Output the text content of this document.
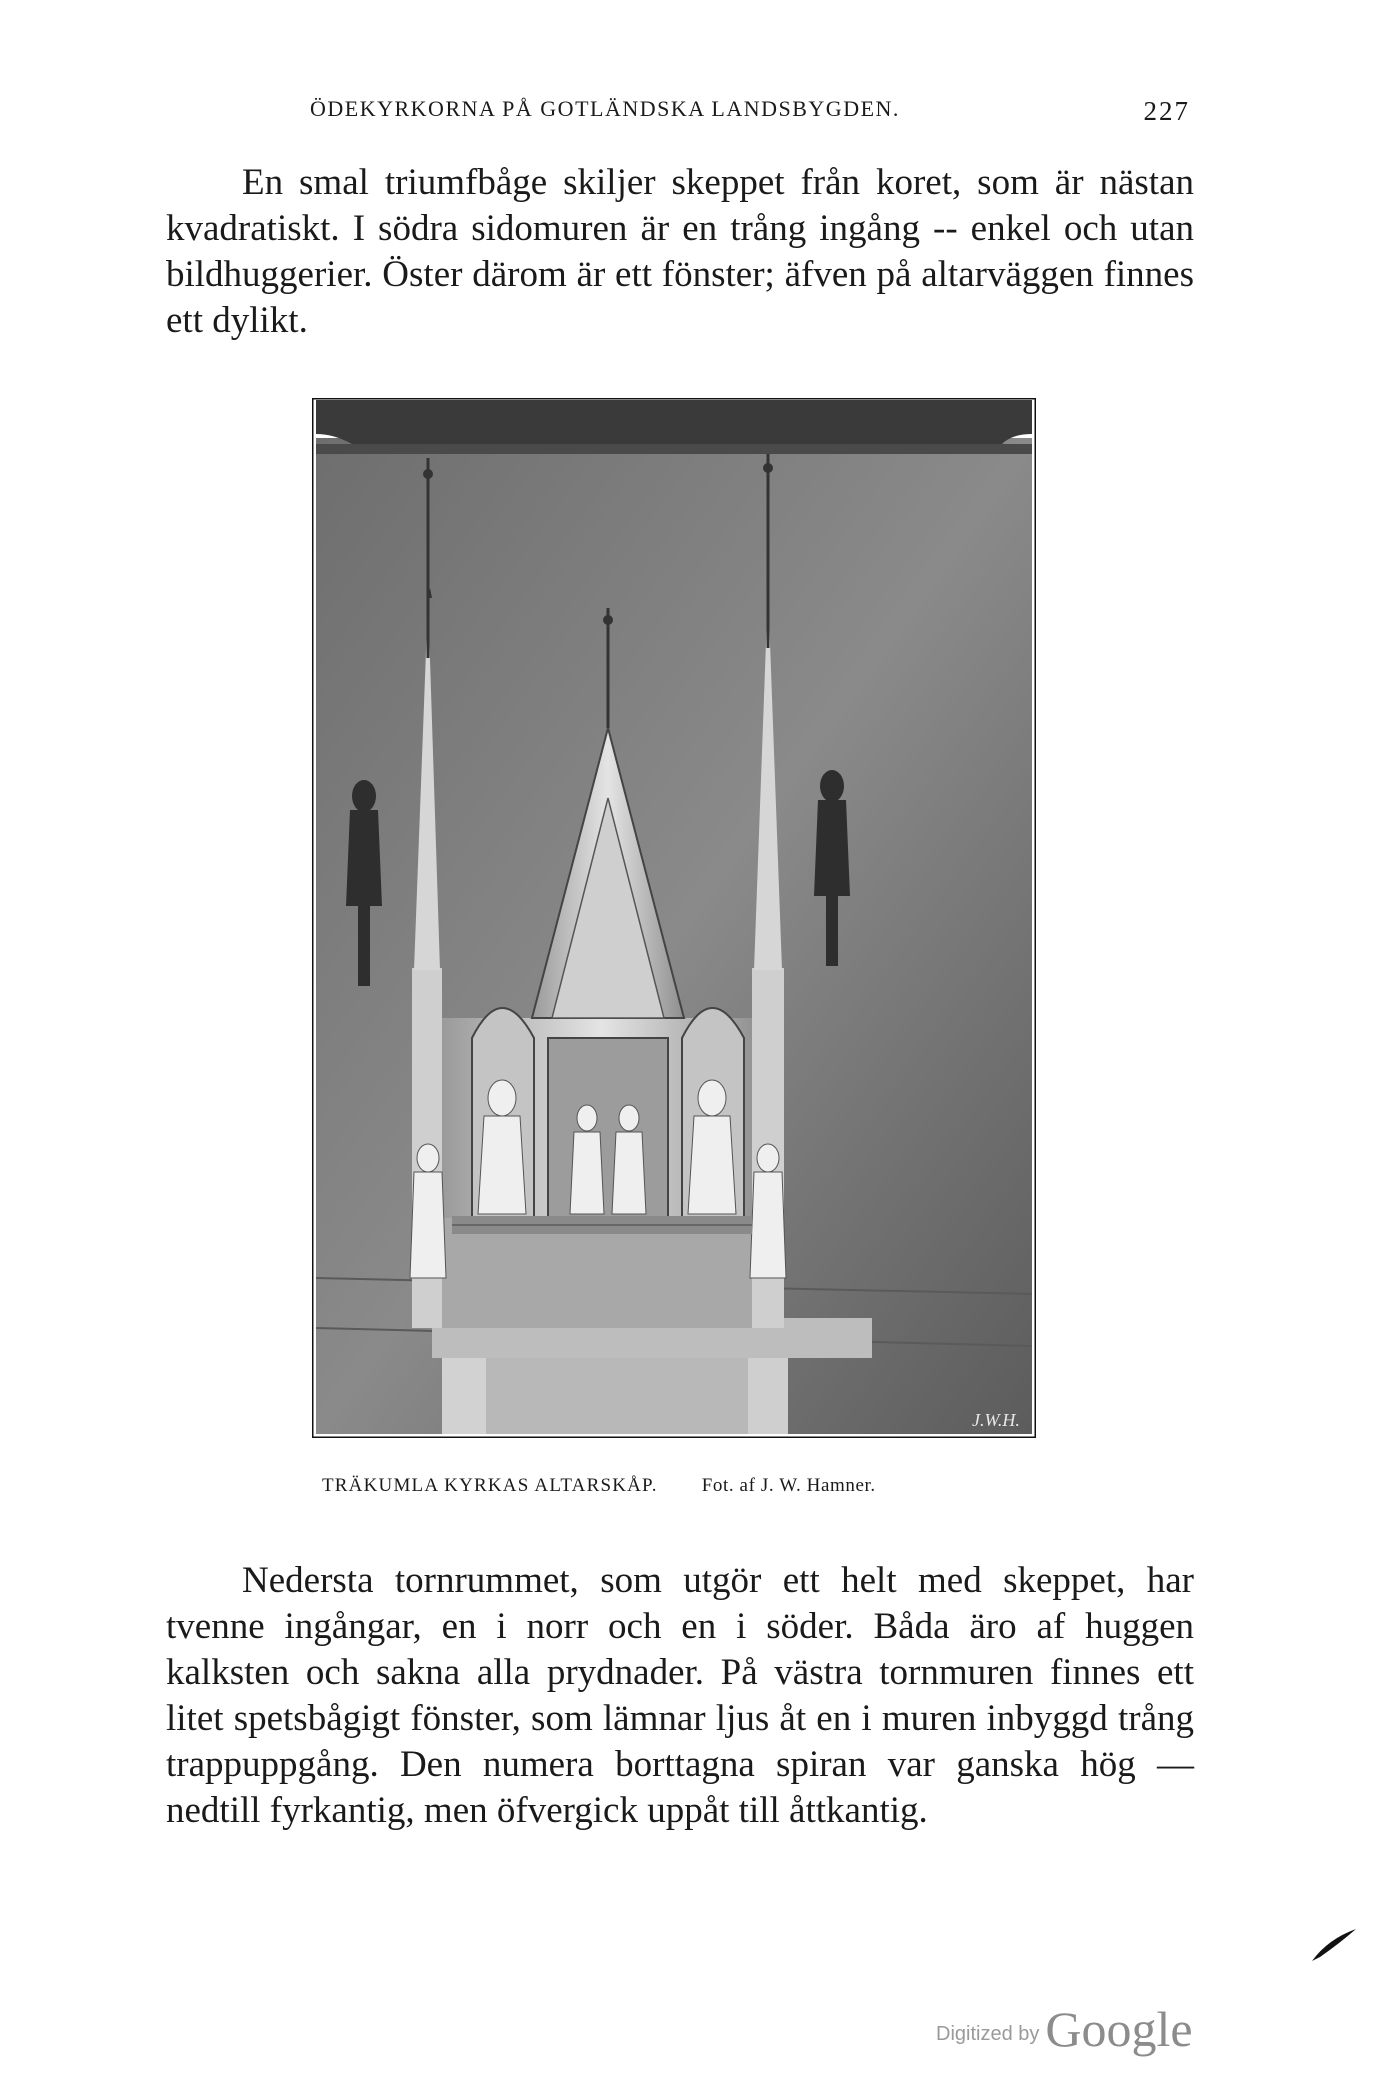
ÖDEKYRKORNA PÅ GOTLÄNDSKA LANDSBYGDEN.	227

En smal triumfbåge skiljer skeppet från koret, som är nästan kvadratiskt. I södra sidomuren är en trång ingång -- enkel och utan bildhuggerier. Öster därom är ett fönster; äfven på altarväggen finnes ett dylikt.

J.W.H.
TRÄKUMLA KYRKAS ALTARSKÅP. Fot. af J. W. Hamner.

Nedersta tornrummet, som utgör ett helt med skeppet, har tvenne ingångar, en i norr och en i söder. Båda äro af huggen kalksten och sakna alla prydnader. På västra tornmuren finnes ett litet spetsbågigt fönster, som lämnar ljus åt en i muren inbyggd trång trappuppgång. Den numera borttagna spiran var ganska hög — nedtill fyrkantig, men öfvergick uppåt till åttkantig.

Digitized by Google
